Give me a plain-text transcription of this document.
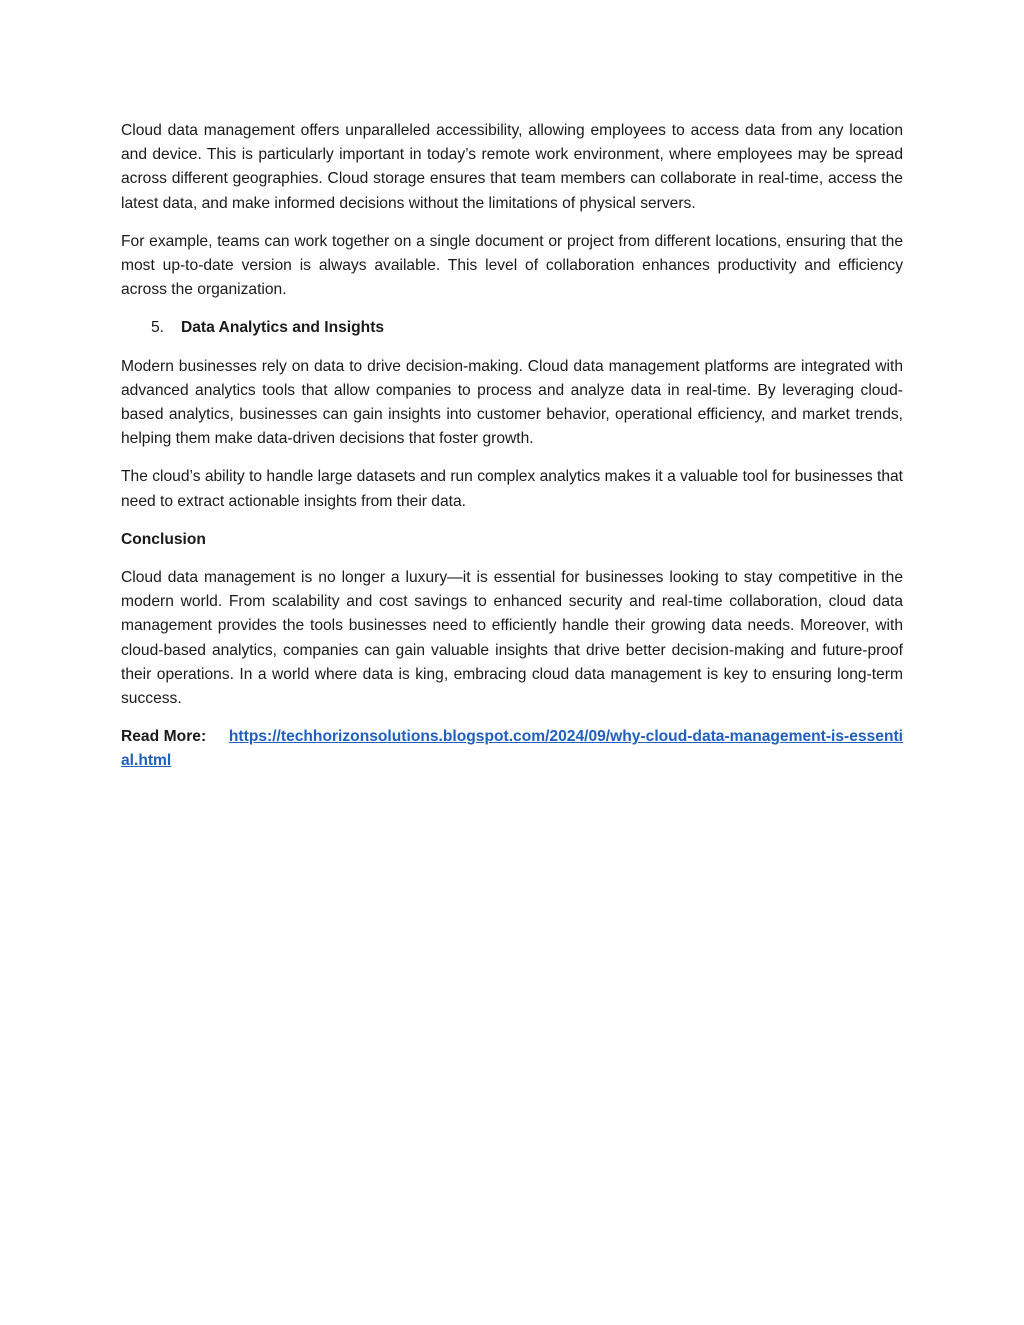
Cloud data management offers unparalleled accessibility, allowing employees to access data from any location and device. This is particularly important in today’s remote work environment, where employees may be spread across different geographies. Cloud storage ensures that team members can collaborate in real-time, access the latest data, and make informed decisions without the limitations of physical servers.

For example, teams can work together on a single document or project from different locations, ensuring that the most up-to-date version is always available. This level of collaboration enhances productivity and efficiency across the organization.

5.	Data Analytics and Insights

Modern businesses rely on data to drive decision-making. Cloud data management platforms are integrated with advanced analytics tools that allow companies to process and analyze data in real-time. By leveraging cloud-based analytics, businesses can gain insights into customer behavior, operational efficiency, and market trends, helping them make data-driven decisions that foster growth.

The cloud’s ability to handle large datasets and run complex analytics makes it a valuable tool for businesses that need to extract actionable insights from their data.

Conclusion

Cloud data management is no longer a luxury—it is essential for businesses looking to stay competitive in the modern world. From scalability and cost savings to enhanced security and real-time collaboration, cloud data management provides the tools businesses need to efficiently handle their growing data needs. Moreover, with cloud-based analytics, companies can gain valuable insights that drive better decision-making and future-proof their operations. In a world where data is king, embracing cloud data management is key to ensuring long-term success.

Read More: https://techhorizonsolutions.blogspot.com/2024/09/why-cloud-data-management-is-essential.html
